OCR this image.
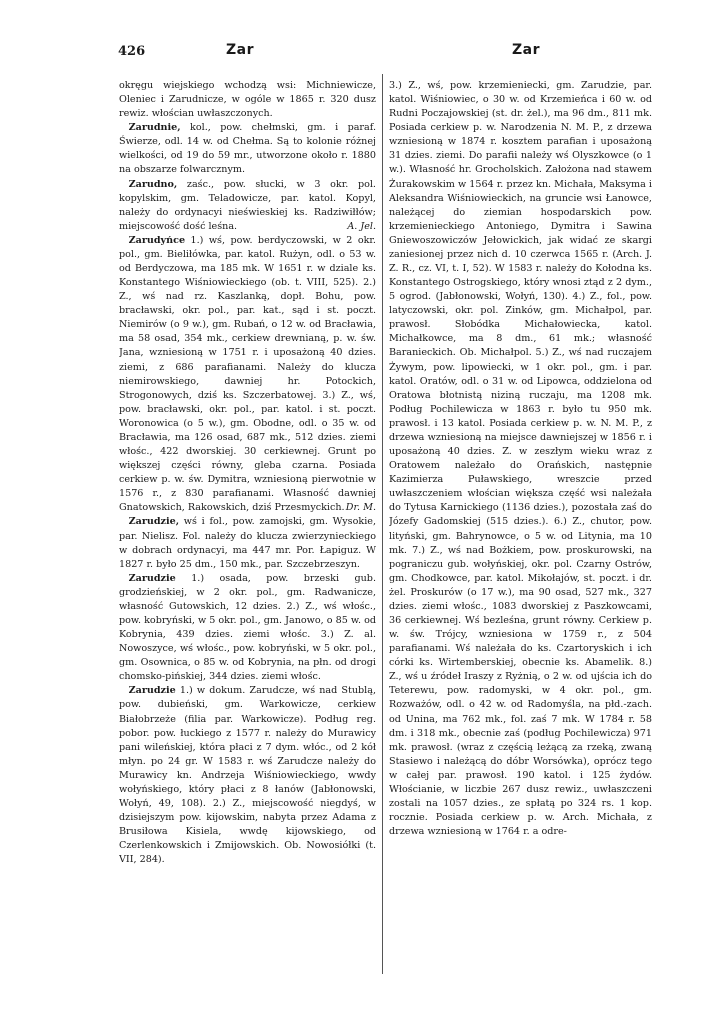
426	Zar	Zar

okręgu wiejskiego wchodzą wsi: Michniewicze, Oleniec i Zarudnicze, w ogóle w 1865 r. 320 dusz rewiz. włościan uwłaszczonych.

 Zarudnie, kol., pow. chełmski, gm. i paraf. Świerze, odl. 14 w. od Chełma. Są to kolonie różnej wielkości, od 19 do 59 mr., utworzone około r. 1880 na obszarze folwarcznym.

 Zarudno, zaśc., pow. słucki, w 3 okr. pol. kopylskim, gm. Teladowicze, par. katol. Kopyl, należy do ordynacyi nieświeskiej ks. Radziwiłłów; miejscowość dość leśna.	A. Jel.

 Zarudyńce 1.) wś, pow. berdyczowski, w 2 okr. pol., gm. Bieliłówka, par. katol. Rużyn, odl. o 53 w. od Berdyczowa, ma 185 mk. W 1651 r. w dziale ks. Konstantego Wiśniowieckiego (ob. t. VIII, 525). 2.) Z., wś nad rz. Kaszlanką, dopł. Bohu, pow. bracławski, okr. pol., par. kat., sąd i st. poczt. Niemirów (o 9 w.), gm. Rubań, o 12 w. od Bracławia, ma 58 osad, 354 mk., cerkiew drewnianą, p. w. św. Jana, wzniesioną w 1751 r. i uposażoną 40 dzies. ziemi, z 686 parafianami. Należy do klucza niemirowskiego, dawniej hr. Potockich, Strogonowych, dziś ks. Szczerbatowej. 3.) Z., wś, pow. bracławski, okr. pol., par. katol. i st. poczt. Woronowica (o 5 w.), gm. Obodne, odl. o 35 w. od Bracławia, ma 126 osad, 687 mk., 512 dzies. ziemi włośc., 422 dworskiej. 30 cerkiewnej. Grunt po większej części równy, gleba czarna. Posiada cerkiew p. w. św. Dymitra, wzniesioną pierwotnie w 1576 r., z 830 parafianami. Własność dawniej Gnatowskich, Rakowskich, dziś Przesmyckich. Dr. M.

 Zarudzie, wś i fol., pow. zamojski, gm. Wysokie, par. Nielisz. Fol. należy do klucza zwierzynieckiego w dobrach ordynacyi, ma 447 mr. Por. Łapiguz. W 1827 r. było 25 dm., 150 mk., par. Szczebrzeszyn.

 Zarudzie 1.) osada, pow. brzeski gub. grodzieńskiej, w 2 okr. pol., gm. Radwanicze, własność Gutowskich, 12 dzies. 2.) Z., wś włośc., pow. kobryński, w 5 okr. pol., gm. Janowo, o 85 w. od Kobrynia, 439 dzies. ziemi włośc. 3.) Z. al. Nowoszyce, wś włośc., pow. kobryński, w 5 okr. pol., gm. Osownica, o 85 w. od Kobrynia, na płn. od drogi chomsko-pińskiej, 344 dzies. ziemi włośc.

 Zarudzie 1.) w dokum. Zarudcze, wś nad Stublą, pow. dubieński, gm. Warkowicze, cerkiew Białobrzeże (filia par. Warkowicze). Podług reg. pobor. pow. łuckiego z 1577 r. należy do Murawicy pani wileńskiej, która płaci z 7 dym. włóc., od 2 kół młyn. po 24 gr. W 1583 r. wś Zarudcze należy do Murawicy kn. Andrzeja Wiśniowieckiego, wwdy wołyńskiego, który płaci z 8 łanów (Jabłonowski, Wołyń, 49, 108). 2.) Z., miejscowość niegdyś, w dzisiejszym pow. kijowskim, nabyta przez Adama z Brusiłowa Kisiela, wwdę kijowskiego, od Czerlenkowskich i Zmijowskich. Ob. Nowosiółki (t. VII, 284).

3.) Z., wś, pow. krzemieniecki, gm. Zarudzie, par. katol. Wiśniowiec, o 30 w. od Krzemieńca i 60 w. od Rudni Poczajowskiej (st. dr. żel.), ma 96 dm., 811 mk. Posiada cerkiew p. w. Narodzenia N. M. P., z drzewa wzniesioną w 1874 r. kosztem parafian i uposażoną 31 dzies. ziemi. Do parafii należy wś Olyszkowce (o 1 w.). Własność hr. Grocholskich. Założona nad stawem Żurakowskim w 1564 r. przez kn. Michała, Maksyma i Aleksandra Wiśniowieckich, na gruncie wsi Łanowce, należącej do ziemian hospodarskich pow. krzemienieckiego Antoniego, Dymitra i Sawina Gniewoszowiczów Jełowickich, jak widać ze skargi zaniesionej przez nich d. 10 czerwca 1565 r. (Arch. J. Z. R., cz. VI, t. I, 52). W 1583 r. należy do Kołodna ks. Konstantego Ostrogskiego, który wnosi ztąd z 2 dym., 5 ogrod. (Jabłonowski, Wołyń, 130). 4.) Z., fol., pow. latyczowski, okr. pol. Zinków, gm. Michałpol, par. prawosł. Słobódka Michałowiecka, katol. Michałkowce, ma 8 dm., 61 mk.; własność Baranieckich. Ob. Michałpol. 5.) Z., wś nad ruczajem Żywym, pow. lipowiecki, w 1 okr. pol., gm. i par. katol. Oratów, odl. o 31 w. od Lipowca, oddzielona od Oratowa błotnistą niziną ruczaju, ma 1208 mk. Podług Pochilewicza w 1863 r. było tu 950 mk. prawosł. i 13 katol. Posiada cerkiew p. w. N. M. P., z drzewa wzniesioną na miejsce dawniejszej w 1856 r. i uposażoną 40 dzies. Z. w zeszłym wieku wraz z Oratowem należało do Orańskich, następnie Kazimierza Puławskiego, wreszcie przed uwłaszczeniem włościan większa część wsi należała do Tytusa Karnickiego (1136 dzies.), pozostała zaś do Józefy Gadomskiej (515 dzies.). 6.) Z., chutor, pow. lityński, gm. Bahrynowce, o 5 w. od Litynia, ma 10 mk. 7.) Z., wś nad Bożkiem, pow. proskurowski, na pograniczu gub. wołyńskiej, okr. pol. Czarny Ostrów, gm. Chodkowce, par. katol. Mikołajów, st. poczt. i dr. żel. Proskurów (o 17 w.), ma 90 osad, 527 mk., 327 dzies. ziemi włośc., 1083 dworskiej z Paszkowcami, 36 cerkiewnej. Wś bezleśna, grunt równy. Cerkiew p. w. św. Trójcy, wzniesiona w 1759 r., z 504 parafianami. Wś należała do ks. Czartoryskich i ich córki ks. Wirtemberskiej, obecnie ks. Abamelik. 8.) Z., wś u źródeł Iraszy z Ryżnią, o 2 w. od ujścia ich do Teterewu, pow. radomyski, w 4 okr. pol., gm. Rozważów, odl. o 42 w. od Radomyśla, na płd.-zach. od Unina, ma 762 mk., fol. zaś 7 mk. W 1784 r. 58 dm. i 318 mk., obecnie zaś (podług Pochilewicza) 971 mk. prawosł. (wraz z częścią leżącą za rzeką, zwaną Stasiewo i należącą do dóbr Worsówka), oprócz tego w całej par. prawosł. 190 katol. i 125 żydów. Włościanie, w liczbie 267 dusz rewiz., uwłaszczeni zostali na 1057 dzies., ze spłatą po 324 rs. 1 kop. rocznie. Posiada cerkiew p. w. Arch. Michała, z drzewa wzniesioną w 1764 r. a odre-
